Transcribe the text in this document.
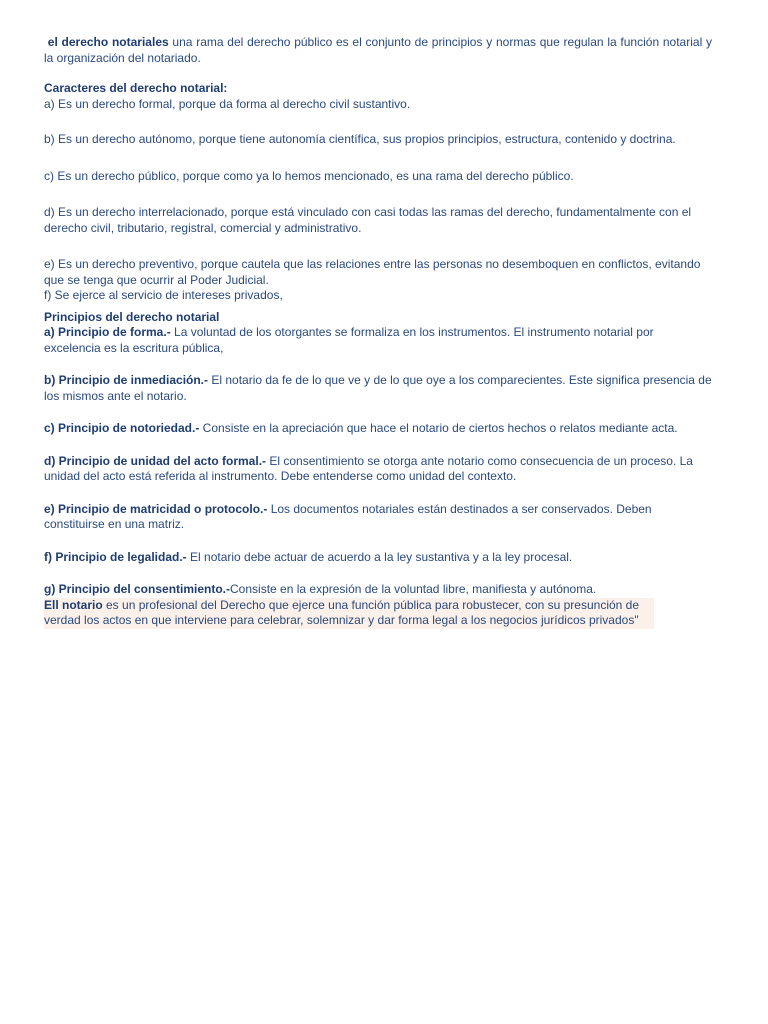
el derecho notariales una rama del derecho público es el conjunto de principios y normas que regulan la función notarial y la organización del notariado.

Caracteres del derecho notarial:

a) Es un derecho formal, porque da forma al derecho civil sustantivo.

b) Es un derecho autónomo, porque tiene autonomía científica, sus propios principios, estructura, contenido y doctrina.

c) Es un derecho público, porque como ya lo hemos mencionado, es una rama del derecho público.

d) Es un derecho interrelacionado, porque está vinculado con casi todas las ramas del derecho, fundamentalmente con el derecho civil, tributario, registral, comercial y administrativo.

e) Es un derecho preventivo, porque cautela que las relaciones entre las personas no desemboquen en conflictos, evitando que se tenga que ocurrir al Poder Judicial.

f) Se ejerce al servicio de intereses privados,

Principios del derecho notarial

a) Principio de forma.- La voluntad de los otorgantes se formaliza en los instrumentos. El instrumento notarial por excelencia es la escritura pública,

b) Principio de inmediación.- El notario da fe de lo que ve y de lo que oye a los comparecientes. Este significa presencia de los mismos ante el notario.

c) Principio de notoriedad.- Consiste en la apreciación que hace el notario de ciertos hechos o relatos mediante acta.

d) Principio de unidad del acto formal.- El consentimiento se otorga ante notario como consecuencia de un proceso. La unidad del acto está referida al instrumento. Debe entenderse como unidad del contexto.

e) Principio de matricidad o protocolo.- Los documentos notariales están destinados a ser conservados. Deben constituirse en una matriz.

f) Principio de legalidad.- El notario debe actuar de acuerdo a la ley sustantiva y a la ley procesal.

g) Principio del consentimiento.-Consiste en la expresión de la voluntad libre, manifiesta y autónoma.

Ell notario es un profesional del Derecho que ejerce una función pública para robustecer, con su presunción de verdad los actos en que interviene para celebrar, solemnizar y dar forma legal a los negocios jurídicos privados"
